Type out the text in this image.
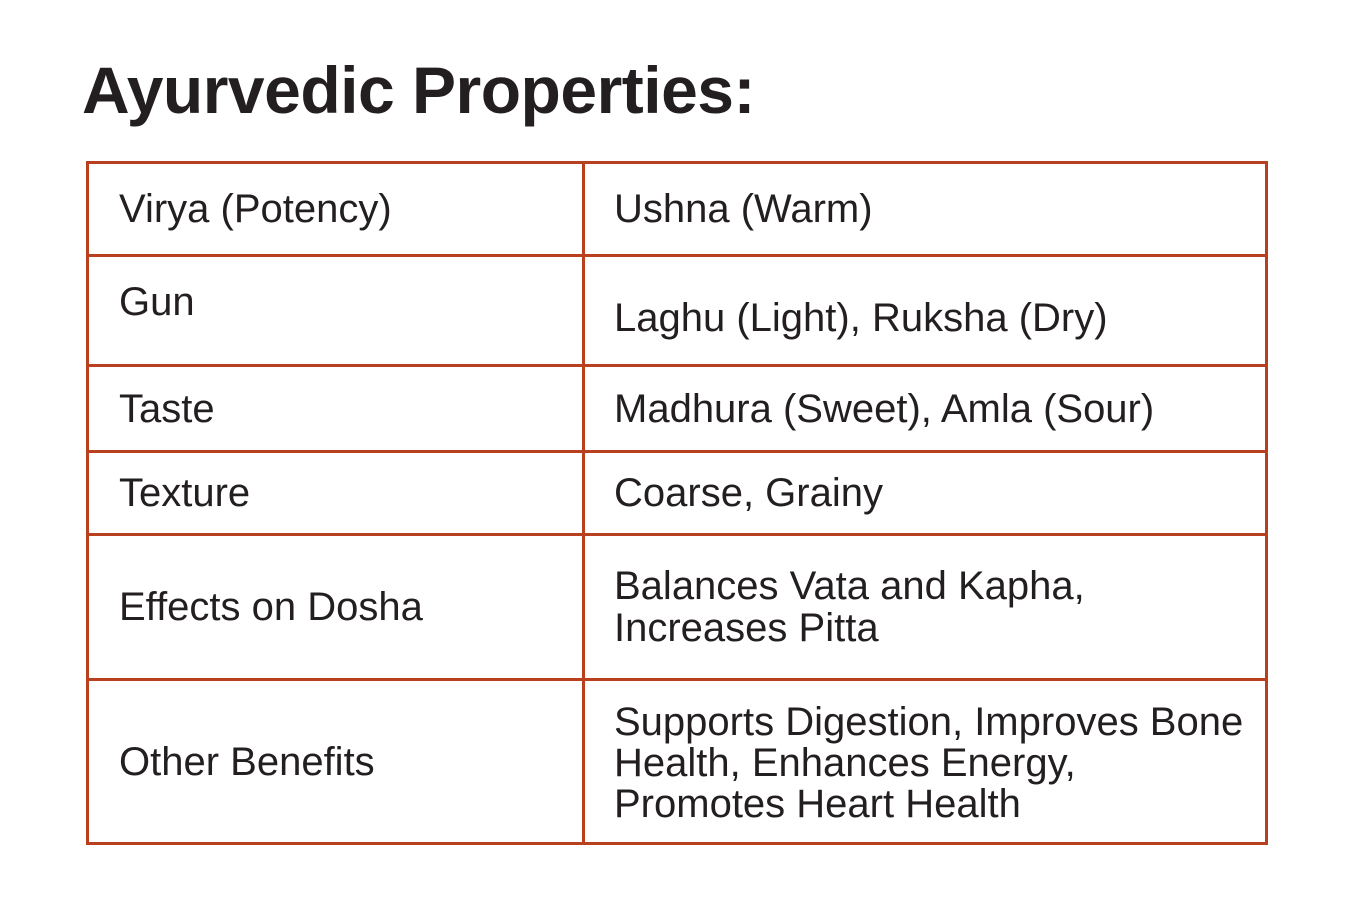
Ayurvedic Properties:
Virya (Potency)	Ushna (Warm)
Gun	Laghu (Light), Ruksha (Dry)
Taste	Madhura (Sweet), Amla (Sour)
Texture	Coarse, Grainy
Effects on Dosha	Balances Vata and Kapha, Increases Pitta
Other Benefits	Supports Digestion, Improves Bone Health, Enhances Energy, Promotes Heart Health
